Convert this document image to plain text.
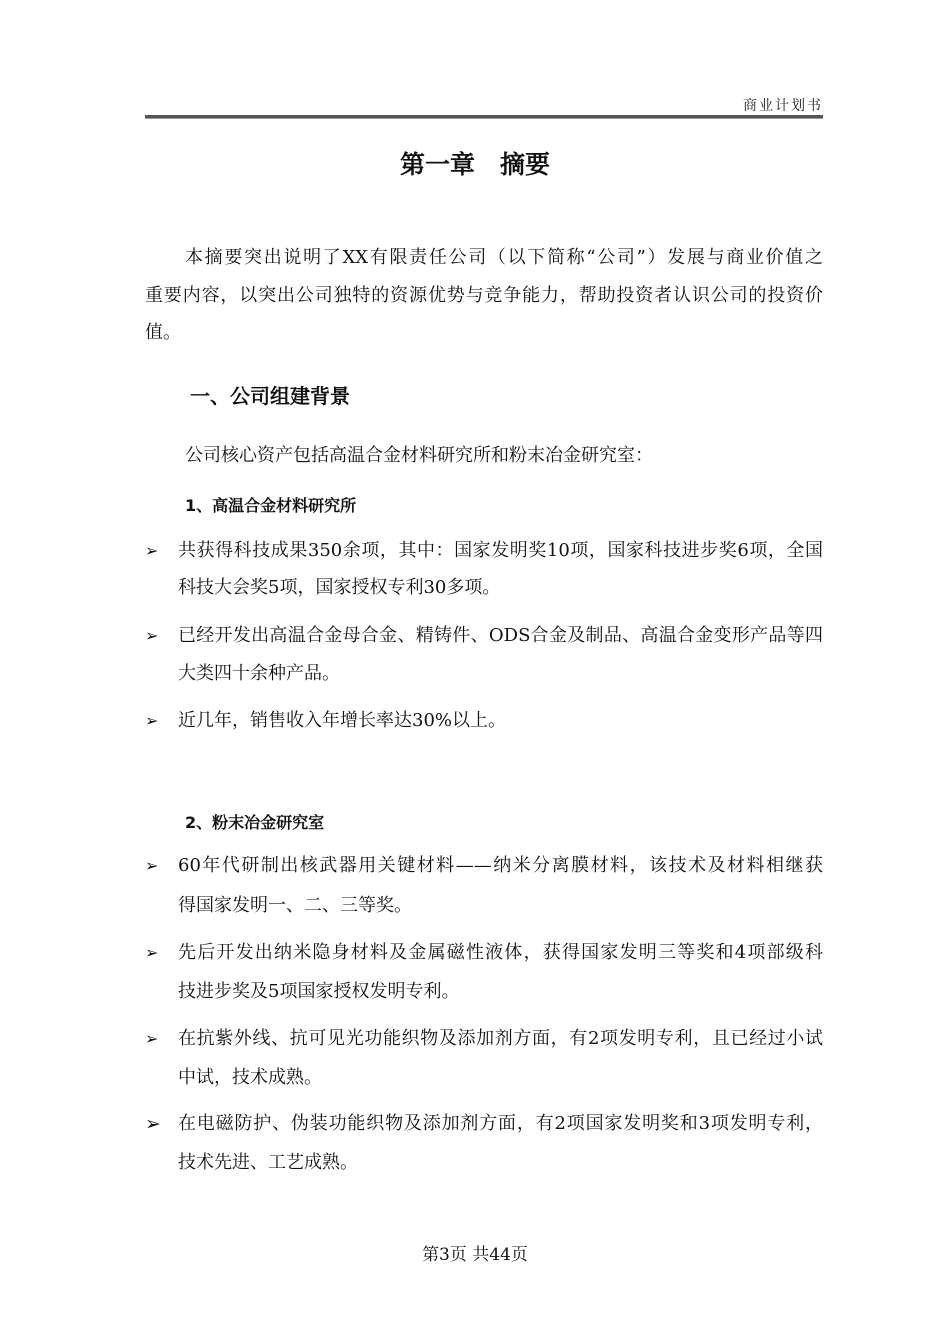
商业计划书
第一章　摘要
本摘要突出说明了XX有限责任公司（以下简称“公司”）发展与商业价值之
重要内容，以突出公司独特的资源优势与竞争能力，帮助投资者认识公司的投资价
值。
一、公司组建背景
公司核心资产包括高温合金材料研究所和粉末冶金研究室：
1、高温合金材料研究所
➢ 共获得科技成果350余项，其中：国家发明奖10项，国家科技进步奖6项，全国
科技大会奖5项，国家授权专利30多项。
➢ 已经开发出高温合金母合金、精铸件、ODS合金及制品、高温合金变形产品等四
大类四十余种产品。
➢ 近几年，销售收入年增长率达30%以上。
2、粉末冶金研究室
➢ 60年代研制出核武器用关键材料——纳米分离膜材料，该技术及材料相继获
得国家发明一、二、三等奖。
➢ 先后开发出纳米隐身材料及金属磁性液体，获得国家发明三等奖和4项部级科
技进步奖及5项国家授权发明专利。
➢ 在抗紫外线、抗可见光功能织物及添加剂方面，有2项发明专利，且已经过小试
中试，技术成熟。
➢ 在电磁防护、伪装功能织物及添加剂方面，有2项国家发明奖和3项发明专利，
技术先进、工艺成熟。
第3页 共44页
